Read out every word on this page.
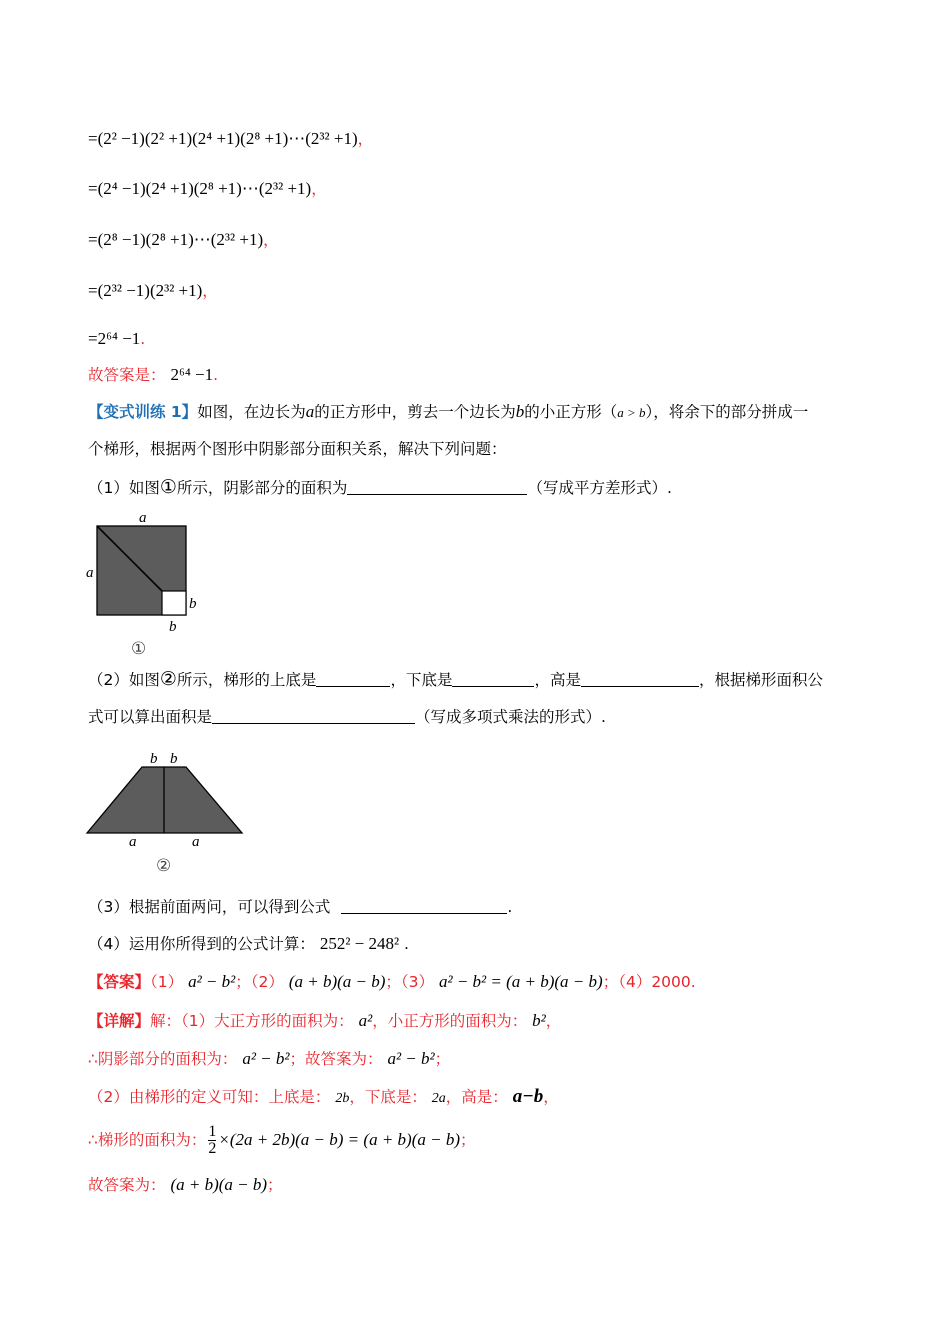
=(2² −1)(2² +1)(2⁴ +1)(2⁸ +1)⋯(2³² +1)，
=(2⁴ −1)(2⁴ +1)(2⁸ +1)⋯(2³² +1)，
=(2⁸ −1)(2⁸ +1)⋯(2³² +1)，
=(2³² −1)(2³² +1)，
=2⁶⁴ −1.
故答案是： 2⁶⁴ −1.
【变式训练 1】如图，在边长为a的正方形中，剪去一个边长为b的小正方形（a > b），将余下的部分拼成一
个梯形，根据两个图形中阴影部分面积关系，解决下列问题：
（1）如图①所示，阴影部分的面积为	（写成平方差形式）.
a
a
b
b
①
（2）如图②所示，梯形的上底是	，下底是	，高是	，根据梯形面积公
式可以算出面积是	（写成多项式乘法的形式）.
b b
a	a
②
（3）根据前面两问，可以得到公式	.
（4）运用你所得到的公式计算： 252² − 248² .
【答案】（1） a² − b²；（2） (a + b)(a − b)；（3） a² − b² = (a + b)(a − b)；（4）2000.
【详解】解：（1）大正方形的面积为： a²，小正方形的面积为： b²，
∴阴影部分的面积为： a² − b²；故答案为： a² − b²；
（2）由梯形的定义可知：上底是： 2b，下底是： 2a，高是： a−b，
∴梯形的面积为： $\frac{1}{2} \times(2a + 2b)(a - b) = (a + b)(a - b)$；
故答案为： (a + b)(a − b)；
